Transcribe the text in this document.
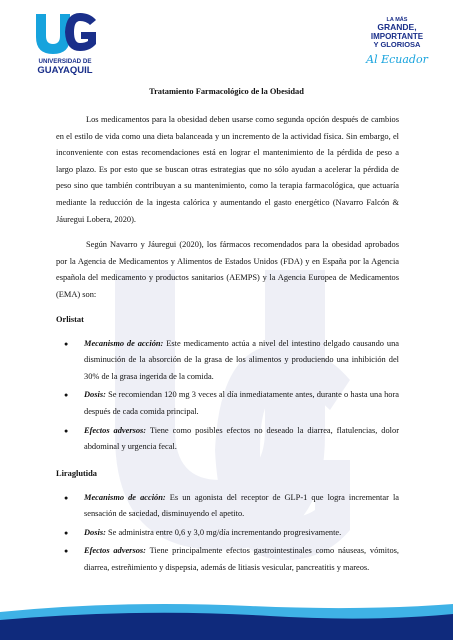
UNIVERSIDAD DE
GUAYAQUIL
LA MÁS
GRANDE,
IMPORTANTE
Y GLORIOSA
Al Ecuador
Tratamiento Farmacológico de la Obesidad

Los medicamentos para la obesidad deben usarse como segunda opción después de cambios en el estilo de vida como una dieta balanceada y un incremento de la actividad física. Sin embargo, el inconveniente con estas recomendaciones está en lograr el mantenimiento de la pérdida de peso a largo plazo. Es por esto que se buscan otras estrategias que no sólo ayudan a acelerar la pérdida de peso sino que también contribuyan a su mantenimiento, como la terapia farmacológica, que actuaría mediante la reducción de la ingesta calórica y aumentando el gasto energético (Navarro Falcón & Jáuregui Lobera, 2020).

Según Navarro y Jáuregui (2020), los fármacos recomendados para la obesidad aprobados por la Agencia de Medicamentos y Alimentos de Estados Unidos (FDA) y en España por la Agencia española del medicamento y productos sanitarios (AEMPS) y la Agencia Europea de Medicamentos (EMA) son:

Orlistat
● Mecanismo de acción: Este medicamento actúa a nivel del intestino delgado causando una disminución de la absorción de la grasa de los alimentos y produciendo una inhibición del 30% de la grasa ingerida de la comida.
● Dosis: Se recomiendan 120 mg 3 veces al día inmediatamente antes, durante o hasta una hora después de cada comida principal.
● Efectos adversos: Tiene como posibles efectos no deseado la diarrea, flatulencias, dolor abdominal y urgencia fecal.
Liraglutida
● Mecanismo de acción: Es un agonista del receptor de GLP-1 que logra incrementar la sensación de saciedad, disminuyendo el apetito.
● Dosis: Se administra entre 0,6 y 3,0 mg/día incrementando progresivamente.
● Efectos adversos: Tiene principalmente efectos gastrointestinales como náuseas, vómitos, diarrea, estreñimiento y dispepsia, además de litiasis vesicular, pancreatitis y mareos.
